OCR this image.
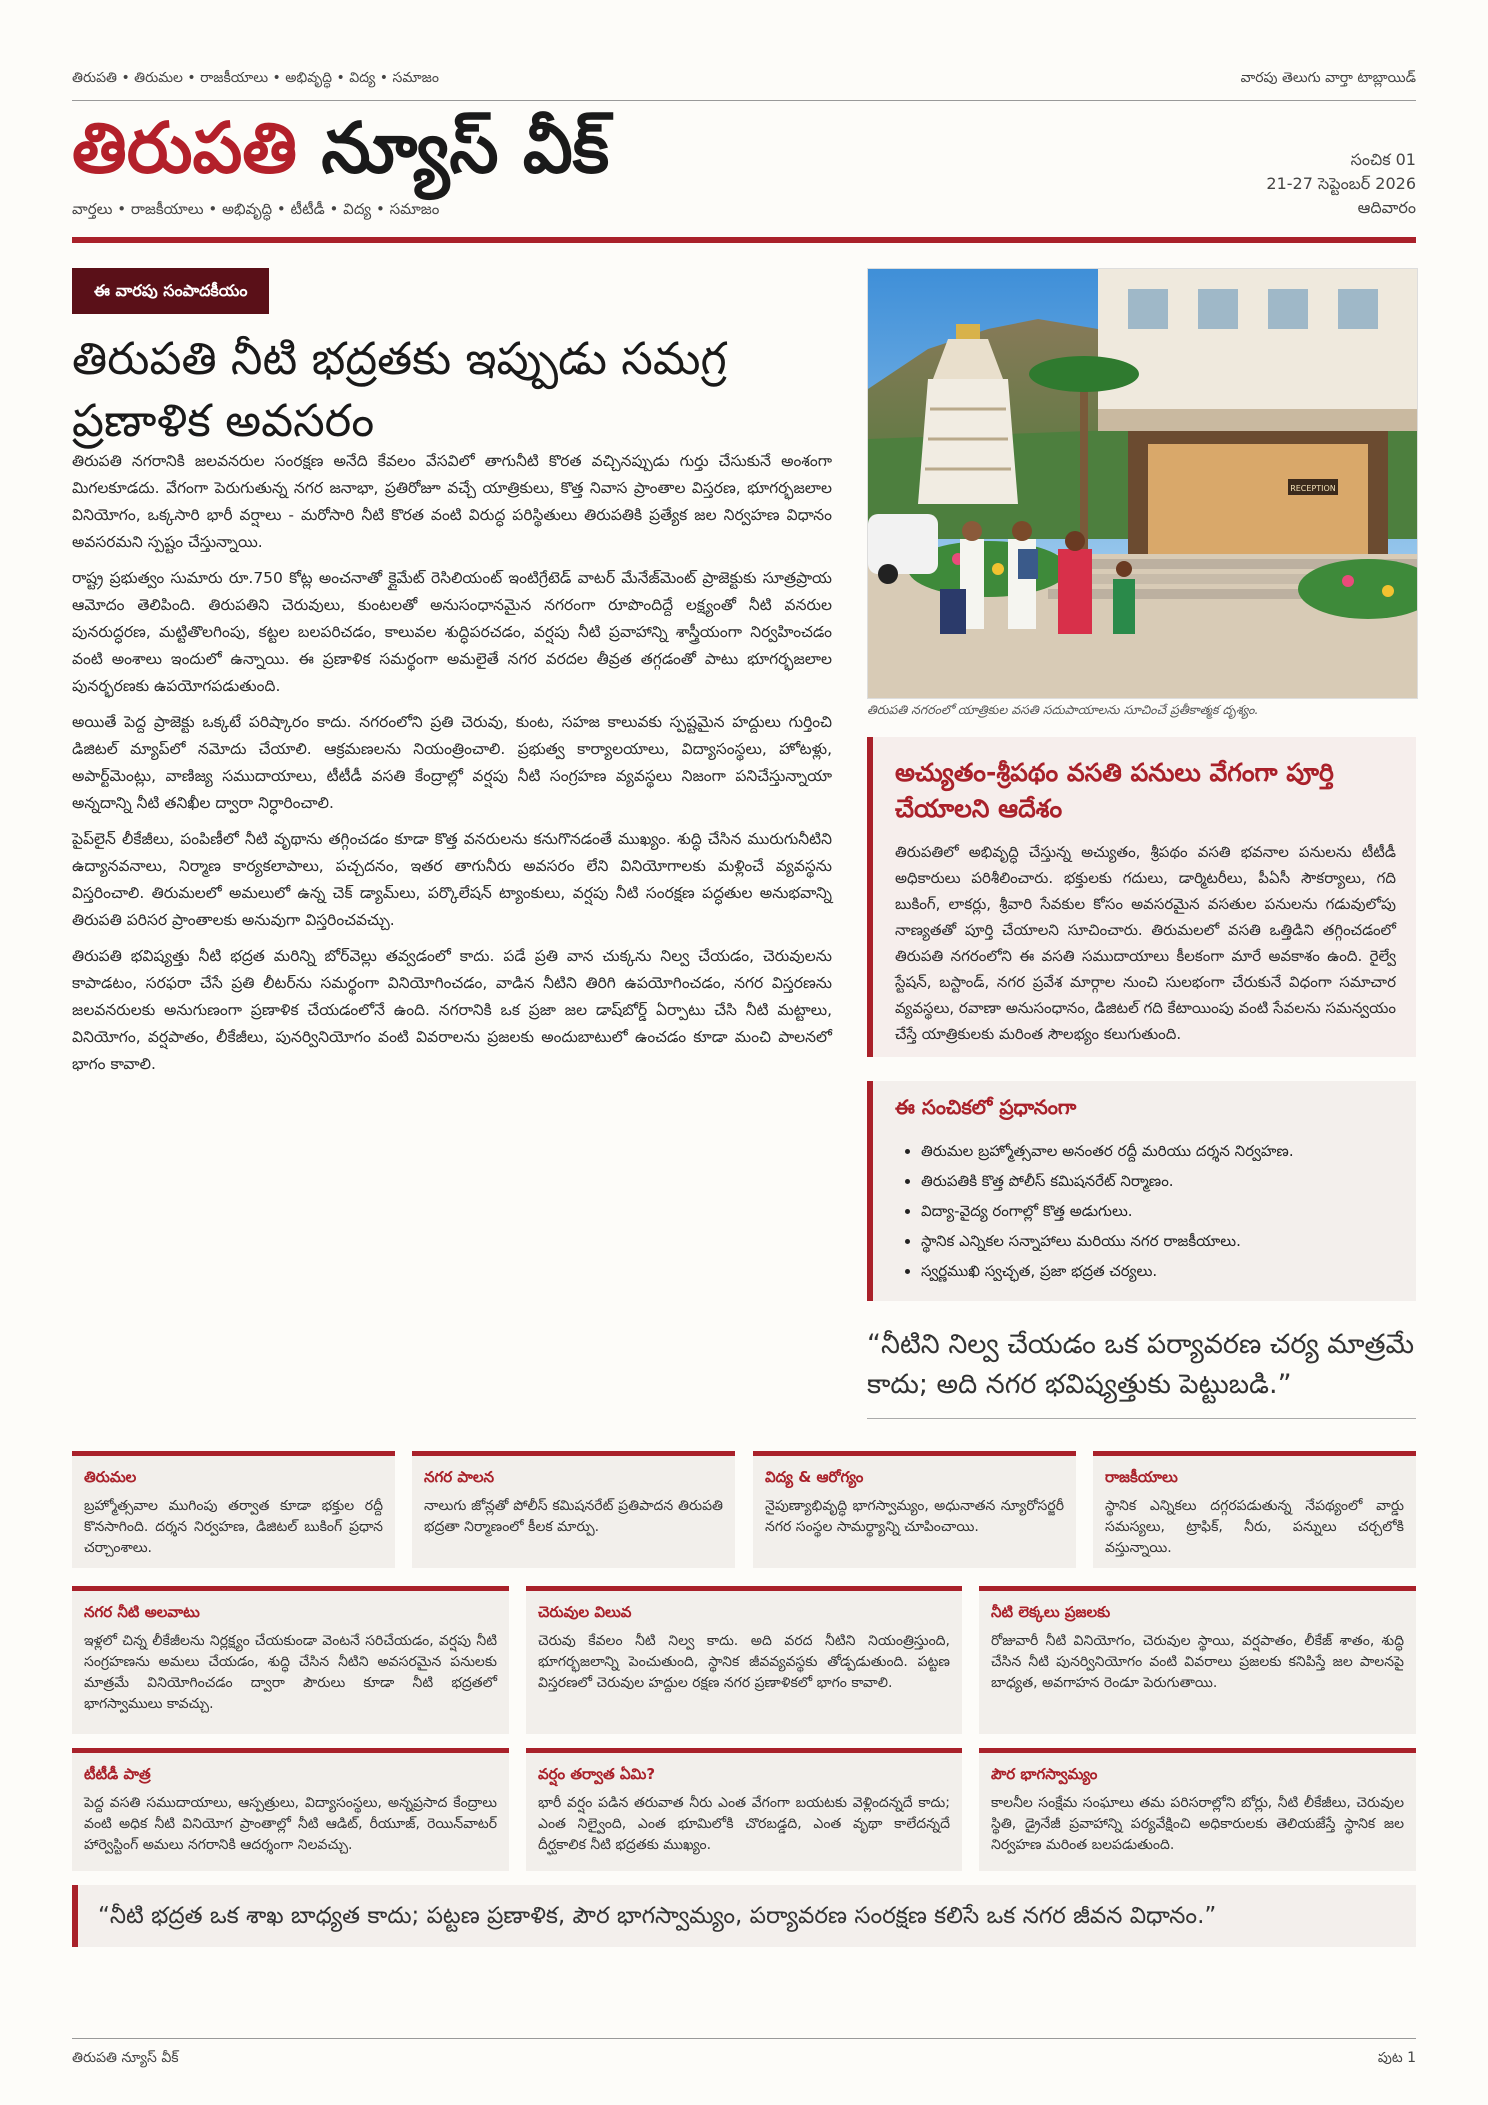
తిరుపతి • తిరుమల • రాజకీయాలు • అభివృద్ధి • విద్య • సమాజం	వారపు తెలుగు వార్తా టాబ్లాయిడ్
తిరుపతి న్యూస్ వీక్
వార్తలు • రాజకీయాలు • అభివృద్ధి • టీటీడీ • విద్య • సమాజం
సంచిక 01
21-27 సెప్టెంబర్ 2026
ఆదివారం
ఈ వారపు సంపాదకీయం
తిరుపతి నీటి భద్రతకు ఇప్పుడు సమగ్ర ప్రణాళిక అవసరం

తిరుపతి నగరానికి జలవనరుల సంరక్షణ అనేది కేవలం వేసవిలో తాగునీటి కొరత వచ్చినప్పుడు గుర్తు చేసుకునే అంశంగా మిగలకూడదు. వేగంగా పెరుగుతున్న నగర జనాభా, ప్రతిరోజూ వచ్చే యాత్రికులు, కొత్త నివాస ప్రాంతాల విస్తరణ, భూగర్భజలాల వినియోగం, ఒక్కసారి భారీ వర్షాలు - మరోసారి నీటి కొరత వంటి విరుద్ధ పరిస్థితులు తిరుపతికి ప్రత్యేక జల నిర్వహణ విధానం అవసరమని స్పష్టం చేస్తున్నాయి.

రాష్ట్ర ప్రభుత్వం సుమారు రూ.750 కోట్ల అంచనాతో క్లైమేట్ రెసిలియంట్ ఇంటిగ్రేటెడ్ వాటర్ మేనేజ్‌మెంట్ ప్రాజెక్టుకు సూత్రప్రాయ ఆమోదం తెలిపింది. తిరుపతిని చెరువులు, కుంటలతో అనుసంధానమైన నగరంగా రూపొందిద్దే లక్ష్యంతో నీటి వనరుల పునరుద్ధరణ, మట్టితొలగింపు, కట్టల బలపరిచడం, కాలువల శుద్ధిపరచడం, వర్షపు నీటి ప్రవాహాన్ని శాస్త్రీయంగా నిర్వహించడం వంటి అంశాలు ఇందులో ఉన్నాయి. ఈ ప్రణాళిక సమర్థంగా అమలైతే నగర వరదల తీవ్రత తగ్గడంతో పాటు భూగర్భజలాల పునర్భరణకు ఉపయోగపడుతుంది.

అయితే పెద్ద ప్రాజెక్టు ఒక్కటే పరిష్కారం కాదు. నగరంలోని ప్రతి చెరువు, కుంట, సహజ కాలువకు స్పష్టమైన హద్దులు గుర్తించి డిజిటల్ మ్యాప్‌లో నమోదు చేయాలి. ఆక్రమణలను నియంత్రించాలి. ప్రభుత్వ కార్యాలయాలు, విద్యాసంస్థలు, హోటళ్లు, అపార్ట్‌మెంట్లు, వాణిజ్య సముదాయాలు, టీటీడీ వసతి కేంద్రాల్లో వర్షపు నీటి సంగ్రహణ వ్యవస్థలు నిజంగా పనిచేస్తున్నాయా అన్నదాన్ని నీటి తనిఖీల ద్వారా నిర్ధారించాలి.

పైప్‌లైన్ లీకేజీలు, పంపిణీలో నీటి వృథాను తగ్గించడం కూడా కొత్త వనరులను కనుగొనడంతే ముఖ్యం. శుద్ధి చేసిన మురుగునీటిని ఉద్యానవనాలు, నిర్మాణ కార్యకలాపాలు, పచ్చదనం, ఇతర తాగునీరు అవసరం లేని వినియోగాలకు మళ్లించే వ్యవస్థను విస్తరించాలి. తిరుమలలో అమలులో ఉన్న చెక్ డ్యామ్‌లు, పర్కొలేషన్ ట్యాంకులు, వర్షపు నీటి సంరక్షణ పద్ధతుల అనుభవాన్ని తిరుపతి పరిసర ప్రాంతాలకు అనువుగా విస్తరించవచ్చు.

తిరుపతి భవిష్యత్తు నీటి భద్రత మరిన్ని బోర్‌వెల్లు తవ్వడంలో కాదు. పడే ప్రతి వాన చుక్కను నిల్వ చేయడం, చెరువులను కాపాడటం, సరఫరా చేసే ప్రతి లీటర్‌ను సమర్థంగా వినియోగించడం, వాడిన నీటిని తిరిగి ఉపయోగించడం, నగర విస్తరణను జలవనరులకు అనుగుణంగా ప్రణాళిక చేయడంలోనే ఉంది. నగరానికి ఒక ప్రజా జల డాష్‌బోర్డ్ ఏర్పాటు చేసి నీటి మట్టాలు, వినియోగం, వర్షపాతం, లీకేజీలు, పునర్వినియోగం వంటి వివరాలను ప్రజలకు అందుబాటులో ఉంచడం కూడా మంచి పాలనలో భాగం కావాలి.

RECEPTION
తిరుపతి నగరంలో యాత్రికుల వసతి సదుపాయాలను సూచించే ప్రతీకాత్మక దృశ్యం.
అచ్యుతం-శ్రీపథం వసతి పనులు వేగంగా పూర్తి చేయాలని ఆదేశం
తిరుపతిలో అభివృద్ధి చేస్తున్న అచ్యుతం, శ్రీపథం వసతి భవనాల పనులను టీటీడీ అధికారులు పరిశీలించారు. భక్తులకు గదులు, డార్మిటరీలు, పీఏసీ సౌకర్యాలు, గది బుకింగ్, లాకర్లు, శ్రీవారి సేవకుల కోసం అవసరమైన వసతుల పనులను గడువులోపు నాణ్యతతో పూర్తి చేయాలని సూచించారు. తిరుమలలో వసతి ఒత్తిడిని తగ్గించడంలో తిరుపతి నగరంలోని ఈ వసతి సముదాయాలు కీలకంగా మారే అవకాశం ఉంది. రైల్వే స్టేషన్, బస్టాండ్, నగర ప్రవేశ మార్గాల నుంచి సులభంగా చేరుకునే విధంగా సమాచార వ్యవస్థలు, రవాణా అనుసంధానం, డిజిటల్ గది కేటాయింపు వంటి సేవలను సమన్వయం చేస్తే యాత్రికులకు మరింత సౌలభ్యం కలుగుతుంది.
ఈ సంచికలో ప్రధానంగా
• తిరుమల బ్రహ్మోత్సవాల అనంతర రద్దీ మరియు దర్శన నిర్వహణ.
• తిరుపతికి కొత్త పోలీస్ కమిషనరేట్ నిర్మాణం.
• విద్యా-వైద్య రంగాల్లో కొత్త అడుగులు.
• స్థానిక ఎన్నికల సన్నాహాలు మరియు నగర రాజకీయాలు.
• స్వర్ణముఖి స్వచ్ఛత, ప్రజా భద్రత చర్యలు.
“నీటిని నిల్వ చేయడం ఒక పర్యావరణ చర్య మాత్రమే కాదు; అది నగర భవిష్యత్తుకు పెట్టుబడి.”
తిరుమల
బ్రహ్మోత్సవాల ముగింపు తర్వాత కూడా భక్తుల రద్దీ కొనసాగింది. దర్శన నిర్వహణ, డిజిటల్ బుకింగ్ ప్రధాన చర్చాంశాలు.
నగర పాలన
నాలుగు జోన్లతో పోలీస్ కమిషనరేట్ ప్రతిపాదన తిరుపతి భద్రతా నిర్మాణంలో కీలక మార్పు.
విద్య & ఆరోగ్యం
నైపుణ్యాభివృద్ధి భాగస్వామ్యం, అధునాతన న్యూరోసర్జరీ నగర సంస్థల సామర్థ్యాన్ని చూపించాయి.
రాజకీయాలు
స్థానిక ఎన్నికలు దగ్గరపడుతున్న నేపథ్యంలో వార్డు సమస్యలు, ట్రాఫిక్, నీరు, పన్నులు చర్చలోకి వస్తున్నాయి.
నగర నీటి అలవాటు
ఇళ్లలో చిన్న లీకేజీలను నిర్లక్ష్యం చేయకుండా వెంటనే సరిచేయడం, వర్షపు నీటి సంగ్రహణను అమలు చేయడం, శుద్ధి చేసిన నీటిని అవసరమైన పనులకు మాత్రమే వినియోగించడం ద్వారా పౌరులు కూడా నీటి భద్రతలో భాగస్వాములు కావచ్చు.
చెరువుల విలువ
చెరువు కేవలం నీటి నిల్వ కాదు. అది వరద నీటిని నియంత్రిస్తుంది, భూగర్భజలాన్ని పెంచుతుంది, స్థానిక జీవవ్యవస్థకు తోడ్పడుతుంది. పట్టణ విస్తరణలో చెరువుల హద్దుల రక్షణ నగర ప్రణాళికలో భాగం కావాలి.
నీటి లెక్కలు ప్రజలకు
రోజువారీ నీటి వినియోగం, చెరువుల స్థాయి, వర్షపాతం, లీకేజ్ శాతం, శుద్ధి చేసిన నీటి పునర్వినియోగం వంటి వివరాలు ప్రజలకు కనిపిస్తే జల పాలనపై బాధ్యత, అవగాహన రెండూ పెరుగుతాయి.
టీటీడీ పాత్ర
పెద్ద వసతి సముదాయాలు, ఆస్పత్రులు, విద్యాసంస్థలు, అన్నప్రసాద కేంద్రాలు వంటి అధిక నీటి వినియోగ ప్రాంతాల్లో నీటి ఆడిట్, రీయూజ్, రెయిన్‌వాటర్ హార్వెస్టింగ్ అమలు నగరానికి ఆదర్శంగా నిలవచ్చు.
వర్షం తర్వాత ఏమి?
భారీ వర్షం పడిన తరువాత నీరు ఎంత వేగంగా బయటకు వెళ్లిందన్నదే కాదు; ఎంత నిల్వైంది, ఎంత భూమిలోకి చొరబడ్డది, ఎంత వృథా కాలేదన్నదే దీర్ఘకాలిక నీటి భద్రతకు ముఖ్యం.
పౌర భాగస్వామ్యం
కాలనీల సంక్షేమ సంఘాలు తమ పరిసరాల్లోని బోర్లు, నీటి లీకేజీలు, చెరువుల స్థితి, డ్రైనేజీ ప్రవాహాన్ని పర్యవేక్షించి అధికారులకు తెలియజేస్తే స్థానిక జల నిర్వహణ మరింత బలపడుతుంది.
“నీటి భద్రత ఒక శాఖ బాధ్యత కాదు; పట్టణ ప్రణాళిక, పౌర భాగస్వామ్యం, పర్యావరణ సంరక్షణ కలిసే ఒక నగర జీవన విధానం.”
తిరుపతి న్యూస్ వీక్	పుట 1
